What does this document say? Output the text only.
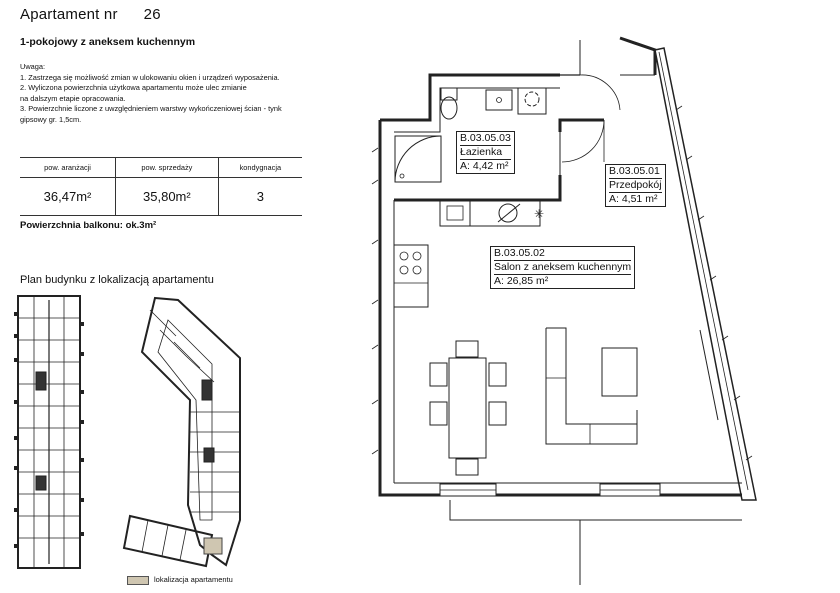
Apartament nr 26
1-pokojowy z aneksem kuchennym
Uwaga:
1. Zastrzega się możliwość zmian w ulokowaniu okien i urządzeń wyposażenia.
2. Wyliczona powierzchnia użytkowa apartamentu może ulec zmianie
na dalszym etapie opracowania.
3. Powierzchnie liczone z uwzględnieniem warstwy wykończeniowej ścian - tynk
gipsowy gr. 1,5cm.
pow. aranżacji	pow. sprzedaży	kondygnacja
36,47m²	35,80m²	3
Powierzchnia balkonu: ok.3m²
Plan budynku z lokalizacją apartamentu
✳
B.03.05.03
Łazienka
A: 4,42 m²	B.03.05.01
Przedpokój
A: 4,51 m²
B.03.05.02
Salon z aneksem kuchennym
A: 26,85 m²
lokalizacja apartamentu
